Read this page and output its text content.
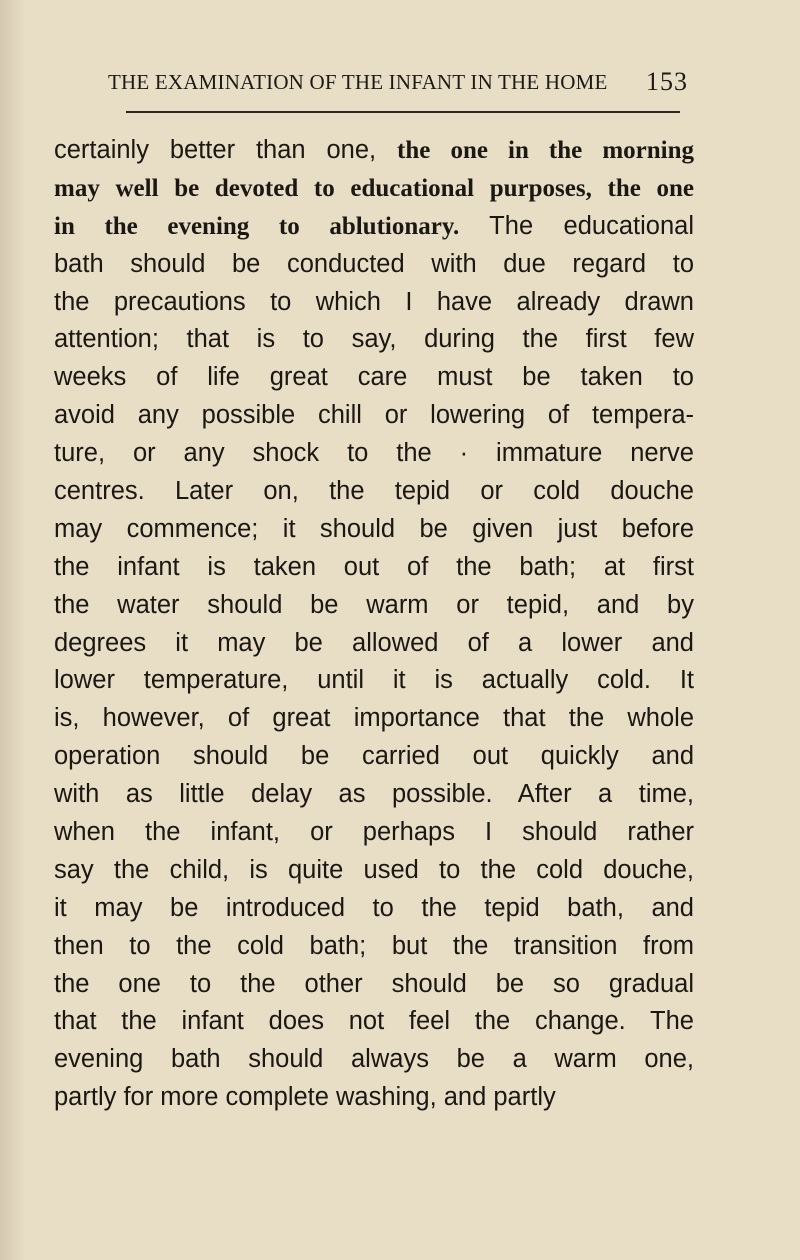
THE EXAMINATION OF THE INFANT IN THE HOME 153
certainly better than one, the one in the morning
may well be devoted to educational purposes, the one
in the evening to ablutionary. The educational
bath should be conducted with due regard to
the precautions to which I have already drawn
attention; that is to say, during the first few
weeks of life great care must be taken to
avoid any possible chill or lowering of tempera-
ture, or any shock to the · immature nerve
centres. Later on, the tepid or cold douche
may commence; it should be given just before
the infant is taken out of the bath; at first
the water should be warm or tepid, and by
degrees it may be allowed of a lower and
lower temperature, until it is actually cold. It
is, however, of great importance that the whole
operation should be carried out quickly and
with as little delay as possible. After a time,
when the infant, or perhaps I should rather
say the child, is quite used to the cold douche,
it may be introduced to the tepid bath, and
then to the cold bath; but the transition from
the one to the other should be so gradual
that the infant does not feel the change. The
evening bath should always be a warm one,
partly for more complete washing, and partly
